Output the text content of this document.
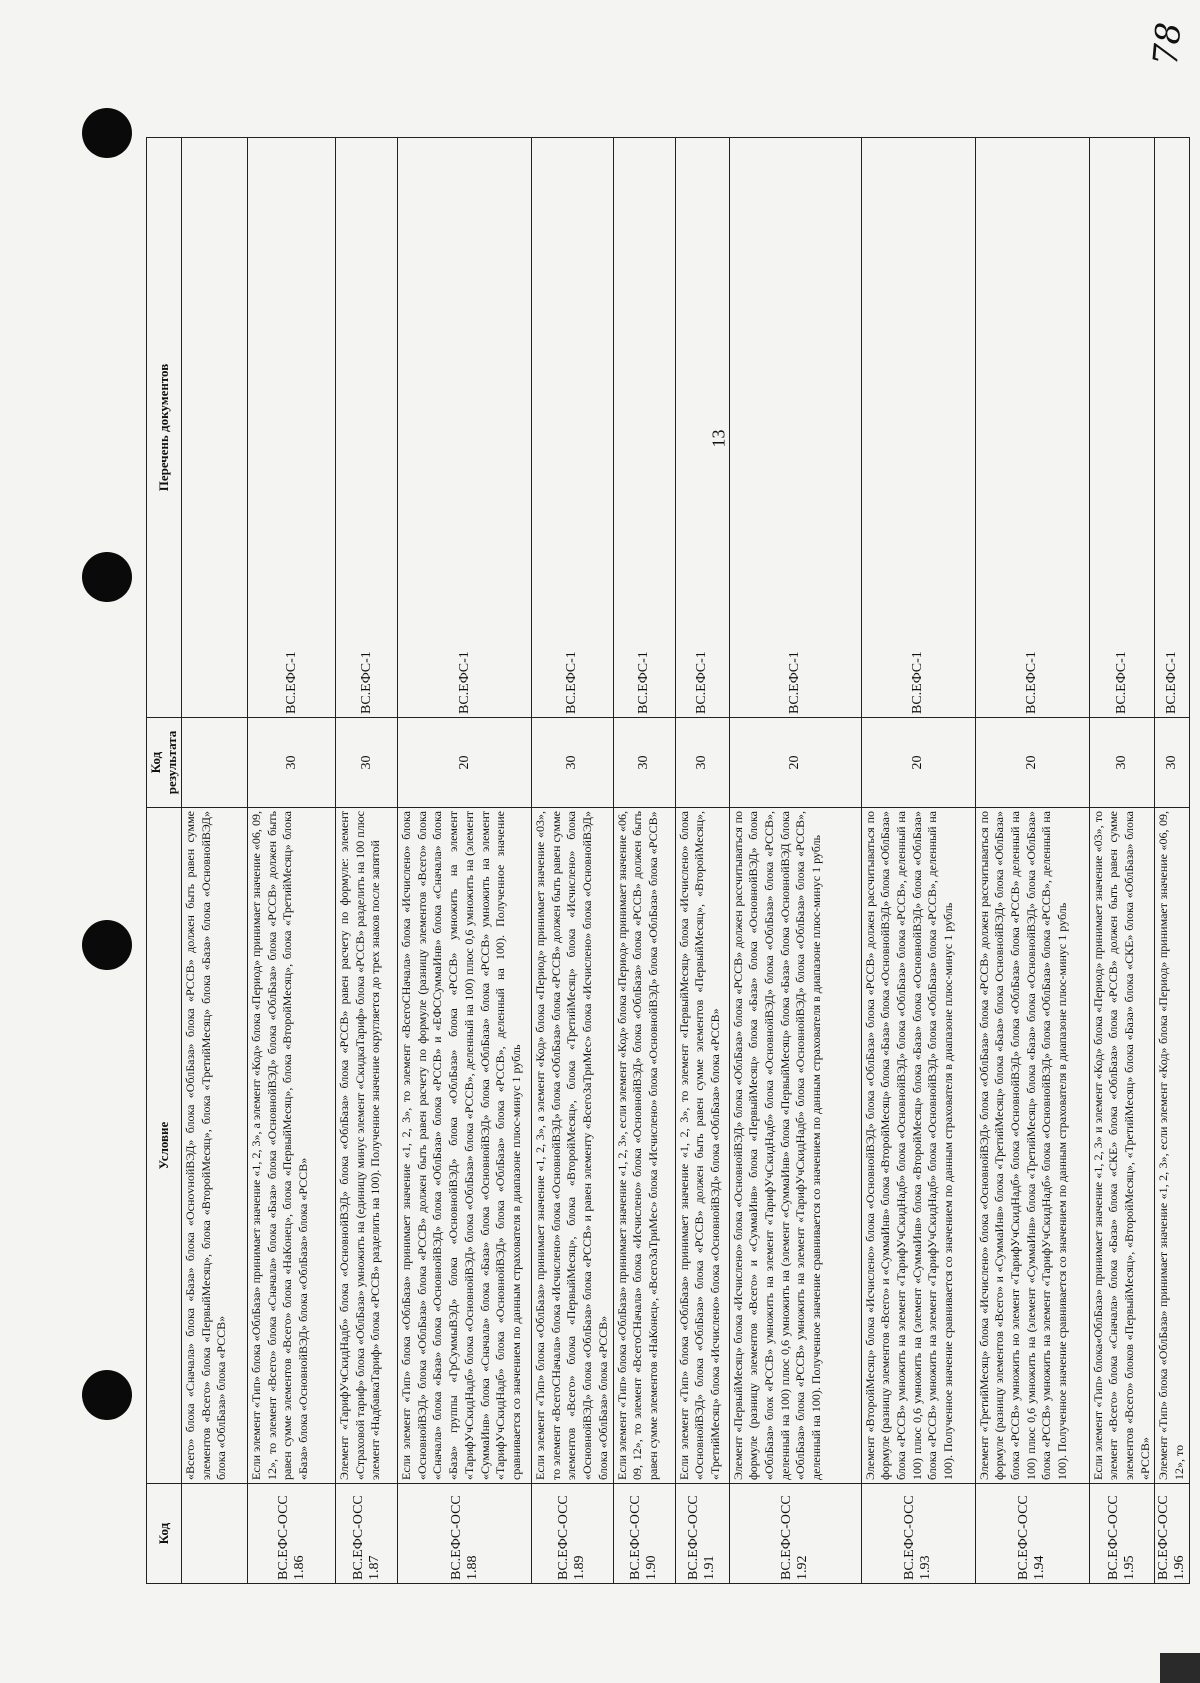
78
13
Код	Условие	Код результата	Перечень документов
	«Всего» блока «Сначала» блока «База» блока «ОснovнойВЭД» блока «ОблБаза» блока «РСCВ» должен быть равен сумме элементов «Всего» блока «ПервыйМесяц», блока «ВторойМесяц», блока «ТретийМесяц» блока «База» блока «ОсновнойВЭД» блока «ОблБаза» блока «РСCВ»		
ВС.ЕФС-ОСС 1.86	Если элемент «Тип» блока «ОблБаза» принимает значение «1, 2, 3», а элемент «Код» блока «Период» принимает значение «06, 09, 12», то элемент «Всего» блока «Сначала» блока «База» блока «ОсновнойВЭД» блока «ОблБаза» блока «РСCВ» должен быть равен сумме элементов «Всего» блока «НаКонец», блока «ПервыйМесяц», блока «ВторойМесяц», блока «ТретийМесяц» блока «База» блока «ОсновнойВЭД» блока «ОблБаза» блока «РСCВ»	30	ВС.ЕФС-1
ВС.ЕФС-ОСС 1.87	Элемент «ТарифУчСкидНадб» блока «ОсновнойВЭД» блока «ОблБаза» блока «РСCВ» равен расчету по формуле: элемент «Страховой тариф» блока «ОблБаза» умножить на (единицу минус элемент «СкидкаТариф» блока «РСCВ» разделить на 100 плюс элемент «НадбавкаТариф» блока «РСCВ» разделить на 100). Полученное значение округляется до трех знаков после запятой	30	ВС.ЕФС-1
ВС.ЕФС-ОСС 1.88	Если элемент «Тип» блока «ОблБаза» принимает значение «1, 2, 3», то элемент «ВсегоСНачала» блока «Исчислено» блока «ОсновнойВЭД» блока «ОблБаза» блока «РСCВ» должен быть равен расчету по формуле (разницу элементов «Всего» блока «Сначала» блока «База» блока «ОсновнойВЭД» блока «ОблБаза» блока «РСCВ» и «ЕФССуммаИнв» блока «Сначала» блока «База» группы «ГрСуммыВЭД» блока «ОсновнойВЭД» блока «ОблБаза» блока «РСCВ» умножить на элемент «ТарифУчСкидНадб» блока «ОсновнойВЭД» блока «ОблБаза» блока «РСCВ», деленный на 100) плюс 0,6 умножить на (элемент «СуммаИнв» блока «Сначала» блока «База» блока «ОсновнойВЭД» блока «ОблБаза» блока «РСCВ» умножить на элемент «ТарифУчСкидНадб» блока «ОсновнойВЭД» блока «ОблБаза» блока «РСCВ», деленный на 100). Полученное значение сравнивается со значением по данным страхователя в диапазоне плюс-минус 1 рубль	20	ВС.ЕФС-1
ВС.ЕФС-ОСС 1.89	Если элемент «Тип» блока «ОблБаза» принимает значение «1, 2, 3», а элемент «Код» блока «Период» принимает значение «03», то элемент «ВсегоСНачала» блока «Исчислено» блока «ОсновнойВЭД» блока «ОблБаза» блока «РСCВ» должен быть равен сумме элементов «Всего» блока «ПервыйМесяц», блока «ВторойМесяц», блока «ТретийМесяц» блока «Исчислено» блока «ОсновнойВЭД» блока «ОблБаза» блока «РСCВ» и равен элементу «ВсегоЗаТриМес» блока «Исчислено» блока «ОсновнойВЭД» блока «ОблБаза» блока «РСCВ»	30	ВС.ЕФС-1
ВС.ЕФС-ОСС 1.90	Если элемент «Тип» блока «ОблБаза» принимает значение «1, 2, 3», если элемент «Код» блока «Период» принимает значение «06, 09, 12», то элемент «ВсегоСНачала» блока «Исчислено» блока «ОсновнойВЭД» блока «ОблБаза» блока «РСCВ» должен быть равен сумме элементов «НаКонец», «ВсегоЗаТриМес» блока «Исчислено» блока «ОсновнойВЭД» блока «ОблБаза» блока «РСCВ»	30	ВС.ЕФС-1
ВС.ЕФС-ОСС 1.91	Если элемент «Тип» блока «ОблБаза» принимает значение «1, 2, 3», то элемент «ПервыйМесяц» блока «Исчислено» блока «ОсновнойВЭД» блока «ОблБаза» блока «РСCВ» должен быть равен сумме элементов «ПервыйМесяц», «ВторойМесяц», «ТретийМесяц» блока «Исчислено» блока «ОсновнойВЭД» блока «ОблБаза» блока «РСCВ»	30	ВС.ЕФС-1
ВС.ЕФС-ОСС 1.92	Элемент «ПервыйМесяц» блока «Исчислено» блока «ОсновнойВЭД» блока «ОблБаза» блока «РСCВ» должен рассчитываться по формуле (разницу элементов «Всего» и «СуммаИнв» блока «ПервыйМесяц» блока «База» блока «ОсновнойВЭД» блока «ОблБаза» блок «РСCВ» умножить на элемент «ТарифУчСкидНадб» блока «ОсновнойВЭД» блока «ОблБаза» блока «РСCВ», деленный на 100) плюс 0,6 умножить на (элемент «СуммаИнв» блока «ПервыйМесяц» блока «База» блока «ОсновнойВЭД блока «ОблБаза» блока «РСCВ» умножить на элемент «ТарифУчСкидНадб» блока «ОсновнойВЭД» блока «ОблБаза» блока «РСCВ», деленный на 100). Полученное значение сравнивается со значением по данным страхователя в диапазоне плюс-минус 1 рубль	20	ВС.ЕФС-1
ВС.ЕФС-ОСС 1.93	Элемент «ВторойМесяц» блока «Исчислено» блока «ОсновнойВЭД» блока «ОблБаза» блока «РСCВ» должен рассчитываться по формуле (разницу элементов «Всего» и «СуммаИнв» блока «ВторойМесяц» блока «База» блока «ОсновнойВЭД» блока «ОблБаза» блока «РСCВ» умножить на элемент «ТарифУчСкидНадб» блока «ОсновнойВЭД» блока «ОблБаза» блока «РСCВ», деленный на 100) плюс 0,6 умножить на (элемент «СуммаИнв» блока «ВторойМесяц» блока «База» блока «ОсновнойВЭД» блока «ОблБаза» блока «РСCВ» умножить на элемент «ТарифУчСкидНадб» блока «ОсновнойВЭД» блока «ОблБаза» блока «РСCВ», деленный на 100). Полученное значение сравнивается со значением по данным страхователя в диапазоне плюс-минус 1 рубль	20	ВС.ЕФС-1
ВС.ЕФС-ОСС 1.94	Элемент «ТретийМесяц» блока «Исчислено» блока «ОсновнойВЭД» блока «ОблБаза» блока «РСCВ» должен рассчитываться по формуле (разницу элементов «Всего» и «СуммаИнв» блока «ТретийМесяц» блока «База» блока ОсновнойВЭД» блока «ОблБаза» блока «РСCВ» умножить но элемент «ТарифУчСкидНадб» блока «ОсновнойВЭД» блока «ОблБаза» блока «РСCВ» деленный на 100) плюс 0,6 умножить на (элемент «СуммаИнв» блока «ТретийМесяц» блока «База» блока «ОсновнойВЭД» блока «ОблБаза» блока «РСCВ» умножить на элемент «ТарифУчСкидНадб» блока «ОсновнойВЭД» блока «ОблБаза» блока «РСCВ», деленный на 100). Полученное значение сравнивается со значением по данным страхователя в диапазоне плюс-минус 1 рубль	20	ВС.ЕФС-1
ВС.ЕФС-ОСС 1.95	Если элемент «Тип» блока«ОблБаза» принимает значение «1, 2, 3» и элемент «Код» блока «Период» принимает значение «03», то элемент «Всего» блока «Сначала» блока «База» блока «СКЕ» блока «ОблБаза» блока «РСCВ» должен быть равен сумме элементов «Всего» блоков «ПервыйМесяц», «ВторойМесяц», «ТретийМесяц» блока «База» блока «СКЕ» блока «ОблБаза» блока «РСCВ»	30	ВС.ЕФС-1
ВС.ЕФС-ОСС 1.96	Элемент «Тип» блока «ОблБаза» принимает значение «1, 2, 3», если элемент «Код» блока «Период» принимает значение «06, 09, 12», то	30	ВС.ЕФС-1
